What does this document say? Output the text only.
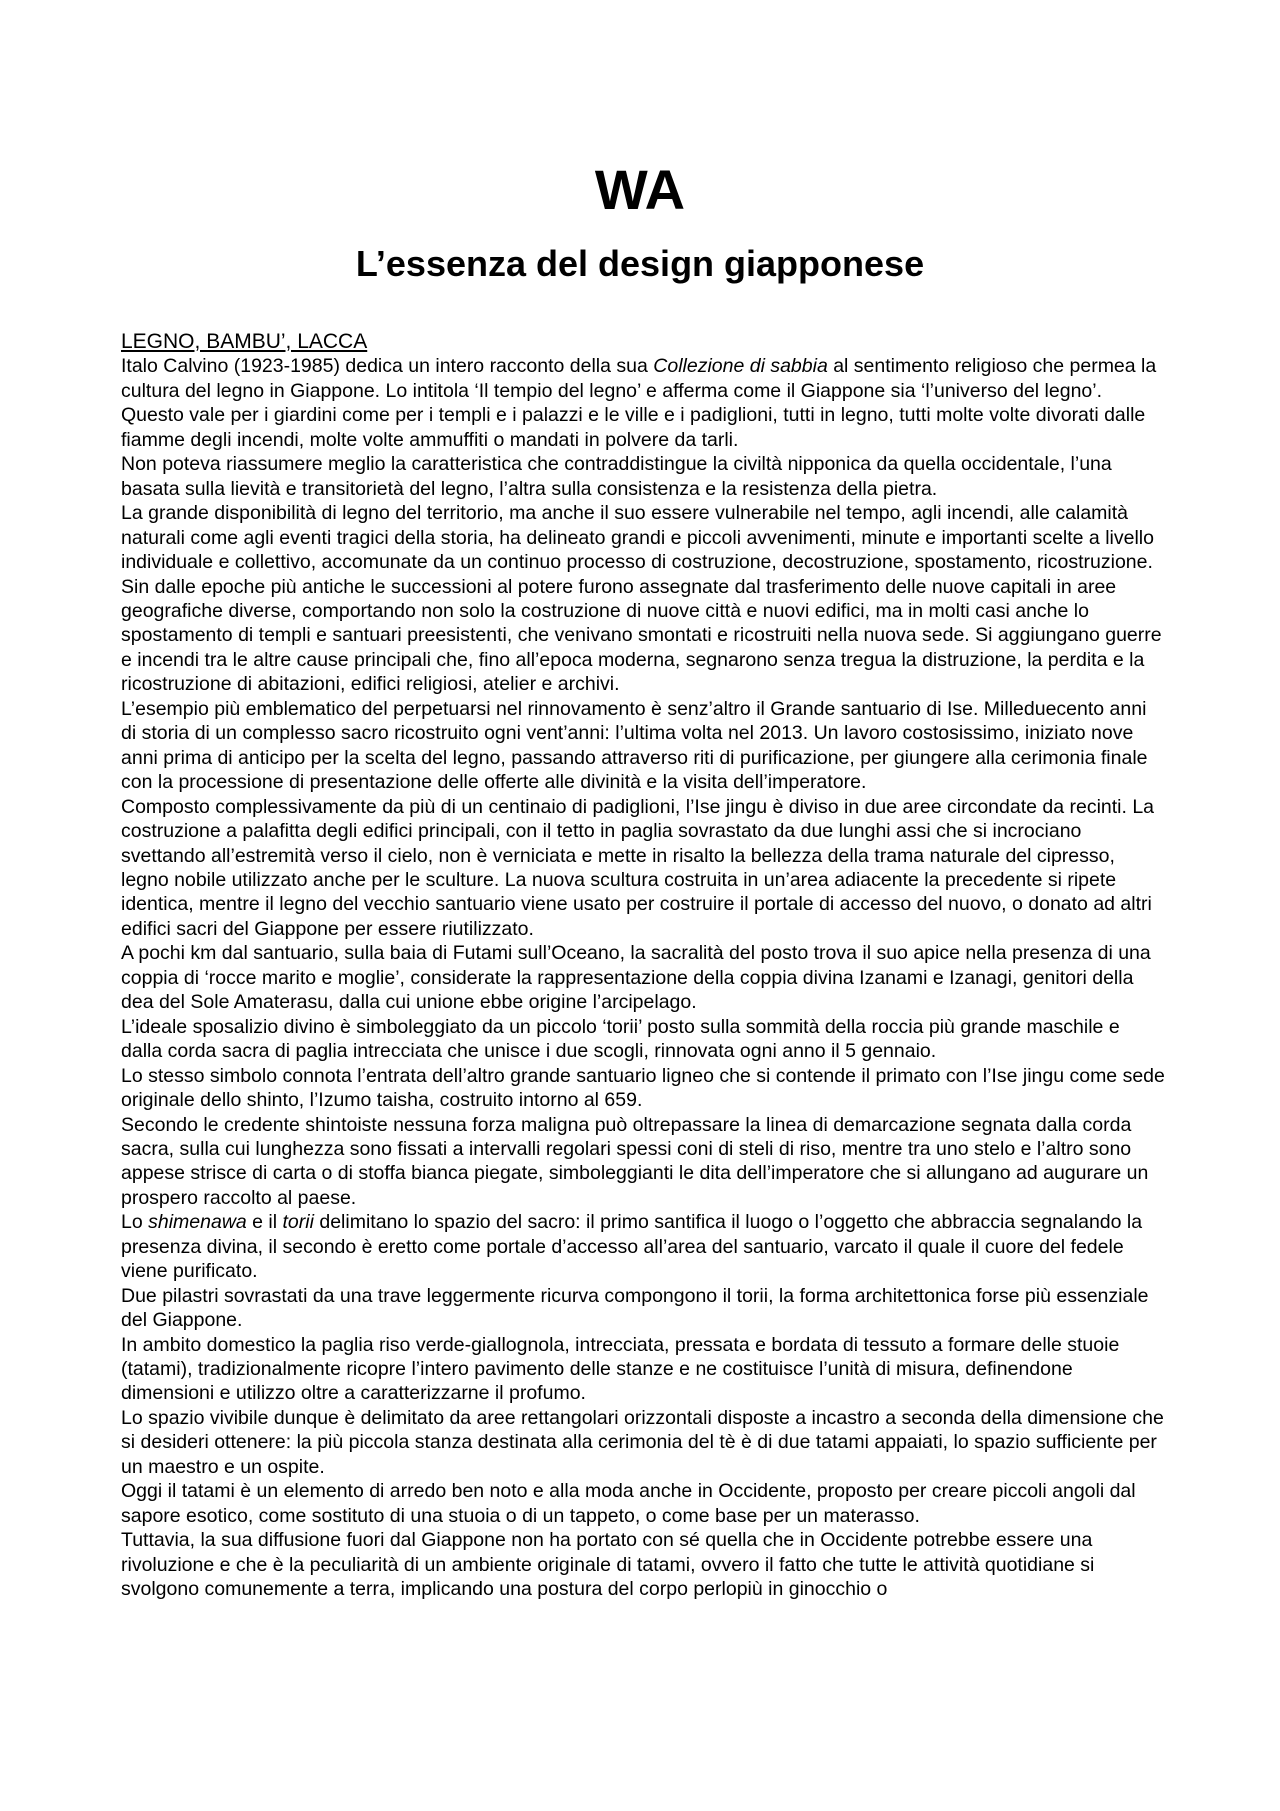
WA
L’essenza del design giapponese
LEGNO, BAMBU’, LACCA

Italo Calvino (1923-1985) dedica un intero racconto della sua Collezione di sabbia al sentimento religioso che permea la cultura del legno in Giappone. Lo intitola ‘Il tempio del legno’ e afferma come il Giappone sia ‘l’universo del legno’. Questo vale per i giardini come per i templi e i palazzi e le ville e i padiglioni, tutti in legno, tutti molte volte divorati dalle fiamme degli incendi, molte volte ammuffiti o mandati in polvere da tarli.

Non poteva riassumere meglio la caratteristica che contraddistingue la civiltà nipponica da quella occidentale, l’una basata sulla lievità e transitorietà del legno, l’altra sulla consistenza e la resistenza della pietra.

La grande disponibilità di legno del territorio, ma anche il suo essere vulnerabile nel tempo, agli incendi, alle calamità naturali come agli eventi tragici della storia, ha delineato grandi e piccoli avvenimenti, minute e importanti scelte a livello individuale e collettivo, accomunate da un continuo processo di costruzione, decostruzione, spostamento, ricostruzione.

Sin dalle epoche più antiche le successioni al potere furono assegnate dal trasferimento delle nuove capitali in aree geografiche diverse, comportando non solo la costruzione di nuove città e nuovi edifici, ma in molti casi anche lo spostamento di templi e santuari preesistenti, che venivano smontati e ricostruiti nella nuova sede. Si aggiungano guerre e incendi tra le altre cause principali che, fino all’epoca moderna, segnarono senza tregua la distruzione, la perdita e la ricostruzione di abitazioni, edifici religiosi, atelier e archivi.

L’esempio più emblematico del perpetuarsi nel rinnovamento è senz’altro il Grande santuario di Ise. Milleduecento anni di storia di un complesso sacro ricostruito ogni vent’anni: l’ultima volta nel 2013. Un lavoro costosissimo, iniziato nove anni prima di anticipo per la scelta del legno, passando attraverso riti di purificazione, per giungere alla cerimonia finale con la processione di presentazione delle offerte alle divinità e la visita dell’imperatore.

Composto complessivamente da più di un centinaio di padiglioni, l’Ise jingu è diviso in due aree circondate da recinti. La costruzione a palafitta degli edifici principali, con il tetto in paglia sovrastato da due lunghi assi che si incrociano svettando all’estremità verso il cielo, non è verniciata e mette in risalto la bellezza della trama naturale del cipresso, legno nobile utilizzato anche per le sculture. La nuova scultura costruita in un’area adiacente la precedente si ripete identica, mentre il legno del vecchio santuario viene usato per costruire il portale di accesso del nuovo, o donato ad altri edifici sacri del Giappone per essere riutilizzato.

A pochi km dal santuario, sulla baia di Futami sull’Oceano, la sacralità del posto trova il suo apice nella presenza di una coppia di ‘rocce marito e moglie’, considerate la rappresentazione della coppia divina Izanami e Izanagi, genitori della dea del Sole Amaterasu, dalla cui unione ebbe origine l’arcipelago.

L’ideale sposalizio divino è simboleggiato da un piccolo ‘torii’ posto sulla sommità della roccia più grande maschile e dalla corda sacra di paglia intrecciata che unisce i due scogli, rinnovata ogni anno il 5 gennaio.

Lo stesso simbolo connota l’entrata dell’altro grande santuario ligneo che si contende il primato con l’Ise jingu come sede originale dello shinto, l’Izumo taisha, costruito intorno al 659.

Secondo le credente shintoiste nessuna forza maligna può oltrepassare la linea di demarcazione segnata dalla corda sacra, sulla cui lunghezza sono fissati a intervalli regolari spessi coni di steli di riso, mentre tra uno stelo e l’altro sono appese strisce di carta o di stoffa bianca piegate, simboleggianti le dita dell’imperatore che si allungano ad augurare un prospero raccolto al paese.

Lo shimenawa e il torii delimitano lo spazio del sacro: il primo santifica il luogo o l’oggetto che abbraccia segnalando la presenza divina, il secondo è eretto come portale d’accesso all’area del santuario, varcato il quale il cuore del fedele viene purificato.

Due pilastri sovrastati da una trave leggermente ricurva compongono il torii, la forma architettonica forse più essenziale del Giappone.

In ambito domestico la paglia riso verde-giallognola, intrecciata, pressata e bordata di tessuto a formare delle stuoie (tatami), tradizionalmente ricopre l’intero pavimento delle stanze e ne costituisce l’unità di misura, definendone dimensioni e utilizzo oltre a caratterizzarne il profumo.

Lo spazio vivibile dunque è delimitato da aree rettangolari orizzontali disposte a incastro a seconda della dimensione che si desideri ottenere: la più piccola stanza destinata alla cerimonia del tè è di due tatami appaiati, lo spazio sufficiente per un maestro e un ospite.

Oggi il tatami è un elemento di arredo ben noto e alla moda anche in Occidente, proposto per creare piccoli angoli dal sapore esotico, come sostituto di una stuoia o di un tappeto, o come base per un materasso.

Tuttavia, la sua diffusione fuori dal Giappone non ha portato con sé quella che in Occidente potrebbe essere una rivoluzione e che è la peculiarità di un ambiente originale di tatami, ovvero il fatto che tutte le attività quotidiane si svolgono comunemente a terra, implicando una postura del corpo perlopiù in ginocchio o
